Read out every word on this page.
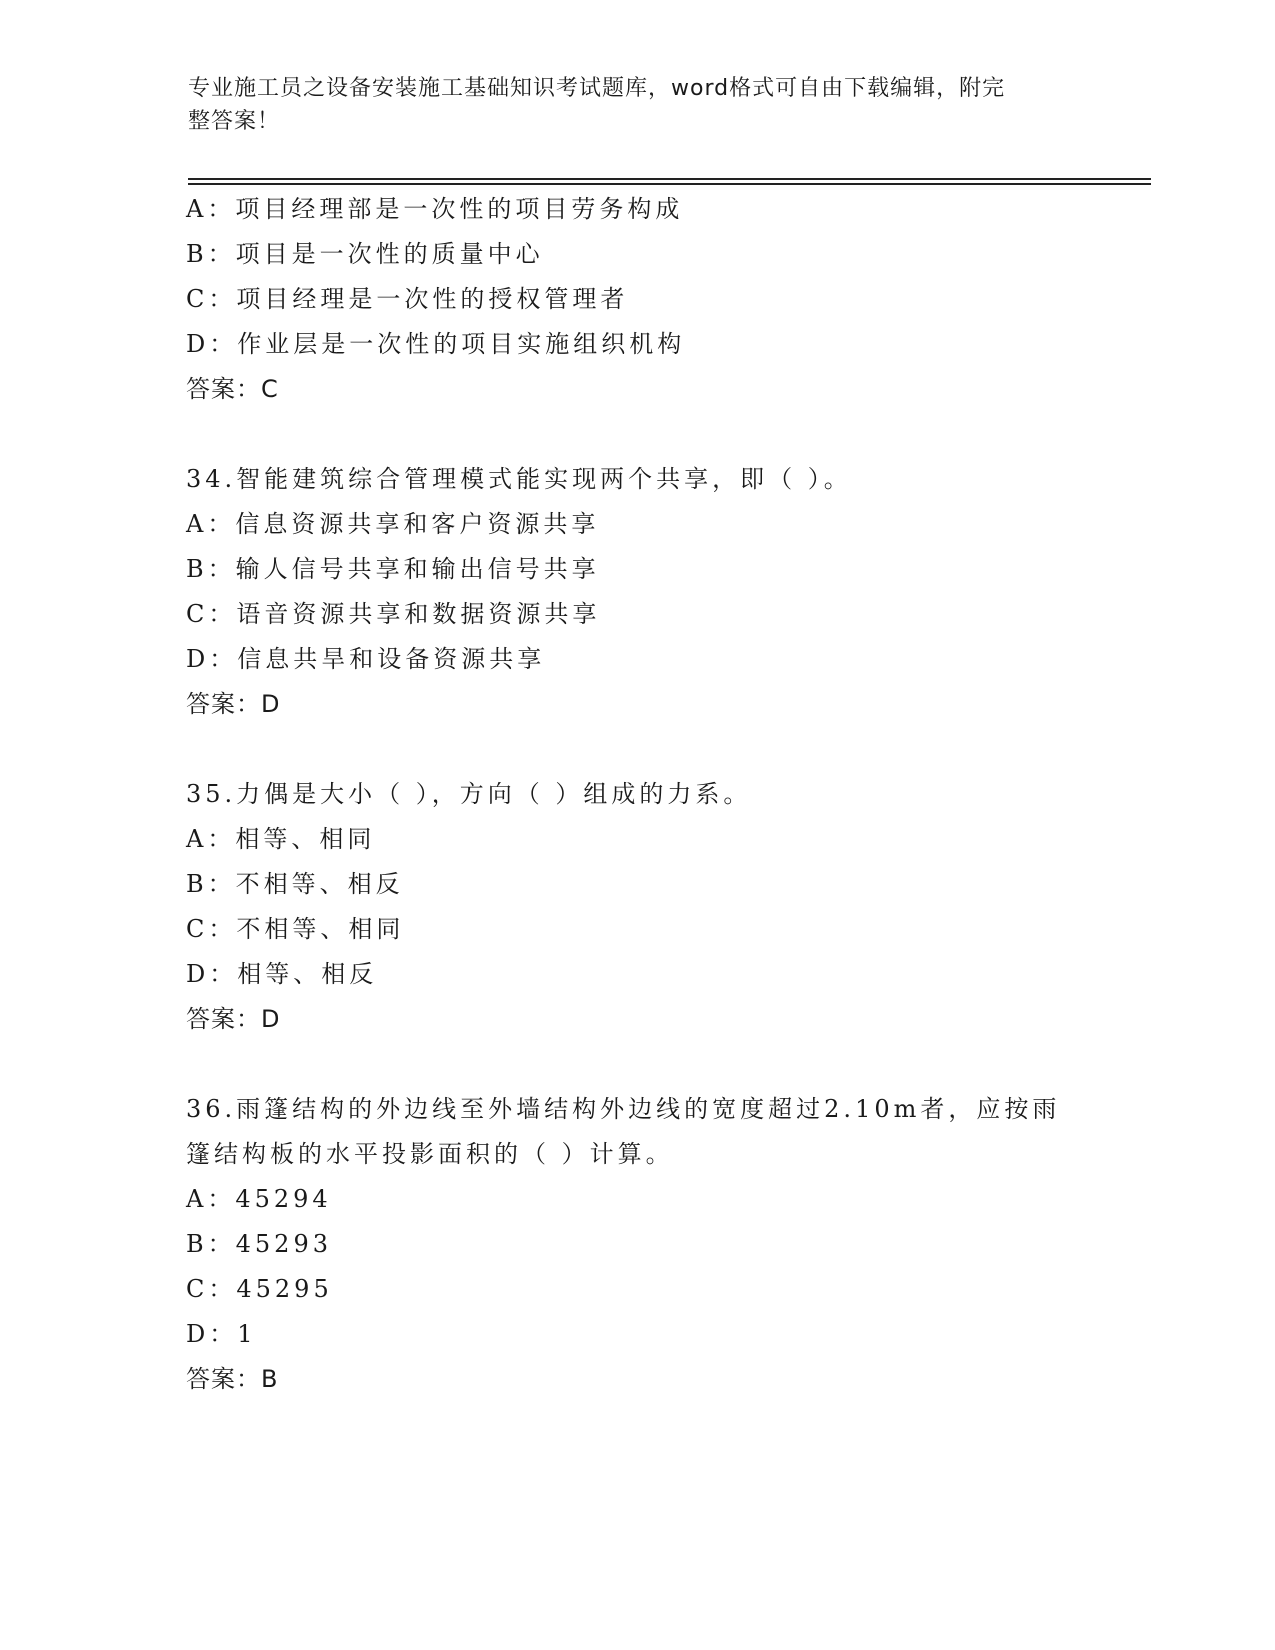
专业施工员之设备安装施工基础知识考试题库，word格式可自由下载编辑，附完
整答案！
A：项目经理部是一次性的项目劳务构成
B：项目是一次性的质量中心
C：项目经理是一次性的授权管理者
D：作业层是一次性的项目实施组织机构
答案：C
34.智能建筑综合管理模式能实现两个共享，即（ ）。
A：信息资源共享和客户资源共享
B：输人信号共享和输出信号共享
C：语音资源共享和数据资源共享
D：信息共旱和设备资源共享
答案：D
35.力偶是大小（ ），方向（ ）组成的力系。
A：相等、相同
B：不相等、相反
C：不相等、相同
D：相等、相反
答案：D
36.雨篷结构的外边线至外墙结构外边线的宽度超过2.10m者，应按雨
篷结构板的水平投影面积的（ ）计算。
A：45294
B：45293
C：45295
D：1
答案：B
